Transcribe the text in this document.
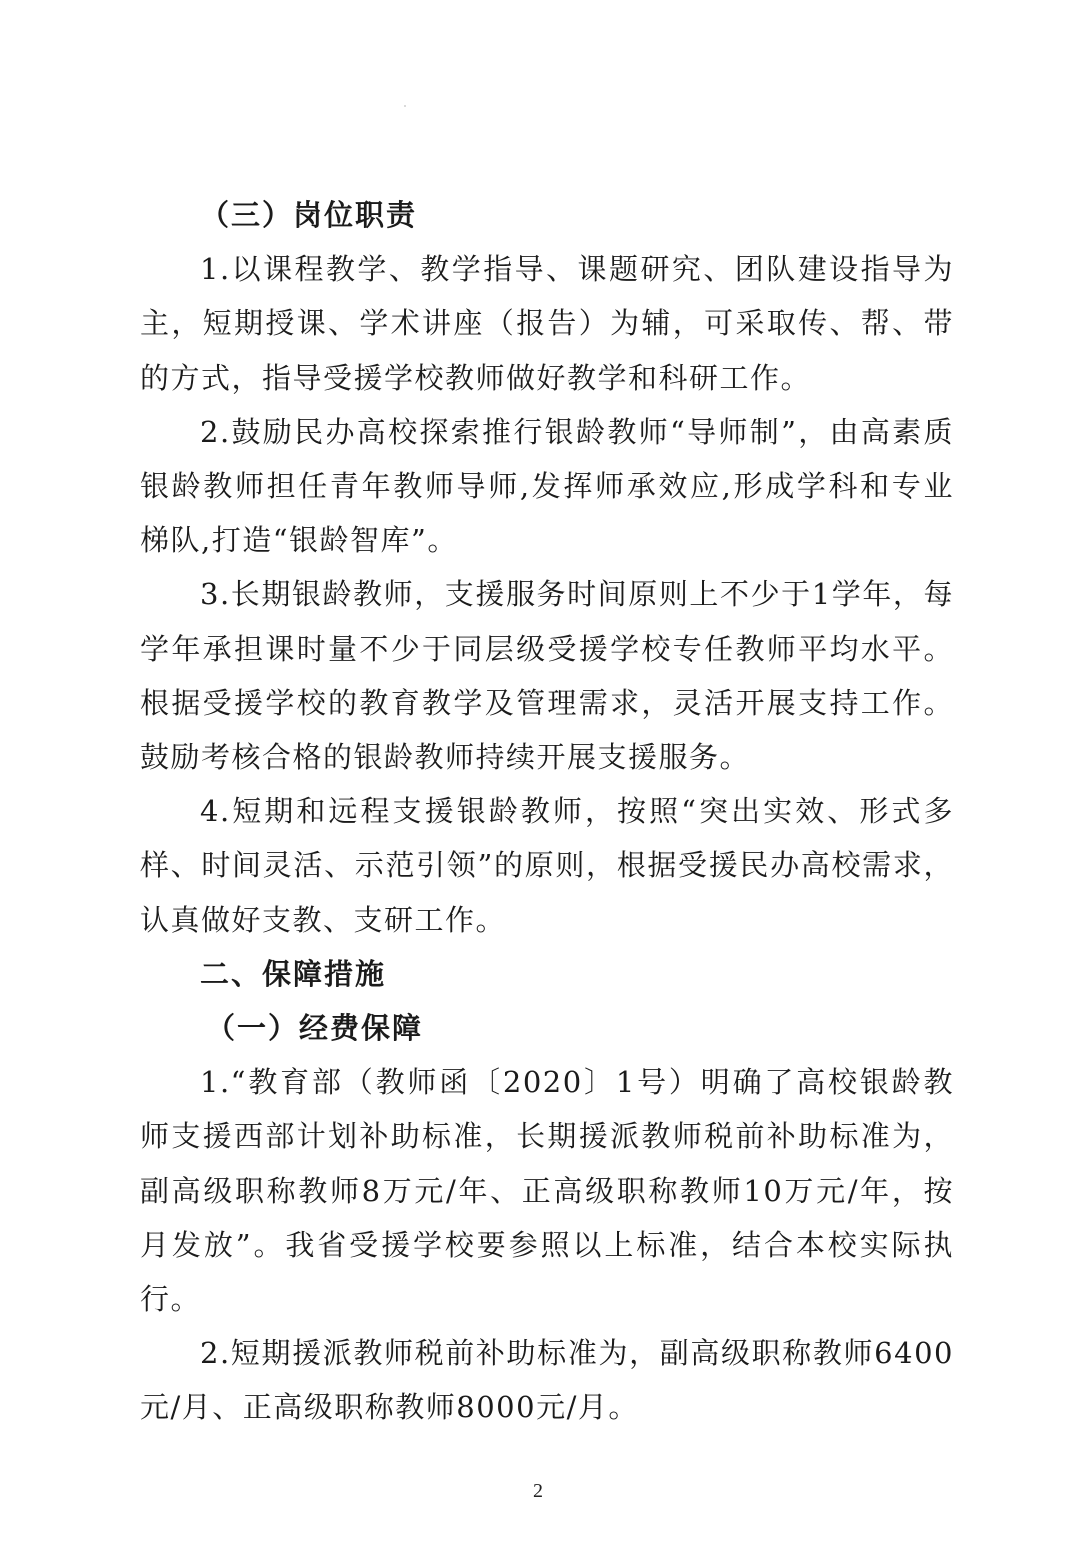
（三）岗位职责

1.以课程教学、教学指导、课题研究、团队建设指导为主，短期授课、学术讲座（报告）为辅，可采取传、帮、带的方式，指导受援学校教师做好教学和科研工作。

2.鼓励民办高校探索推行银龄教师“导师制”，由高素质银龄教师担任青年教师导师,发挥师承效应,形成学科和专业梯队,打造“银龄智库”。

3.长期银龄教师，支援服务时间原则上不少于1学年，每学年承担课时量不少于同层级受援学校专任教师平均水平。根据受援学校的教育教学及管理需求，灵活开展支持工作。鼓励考核合格的银龄教师持续开展支援服务。

4.短期和远程支援银龄教师，按照“突出实效、形式多样、时间灵活、示范引领”的原则，根据受援民办高校需求，认真做好支教、支研工作。

二、保障措施

（一）经费保障

1.“教育部（教师函〔2020〕1号）明确了高校银龄教师支援西部计划补助标准，长期援派教师税前补助标准为，副高级职称教师8万元/年、正高级职称教师10万元/年，按月发放”。我省受援学校要参照以上标准，结合本校实际执行。

2.短期援派教师税前补助标准为，副高级职称教师6400元/月、正高级职称教师8000元/月。

2
